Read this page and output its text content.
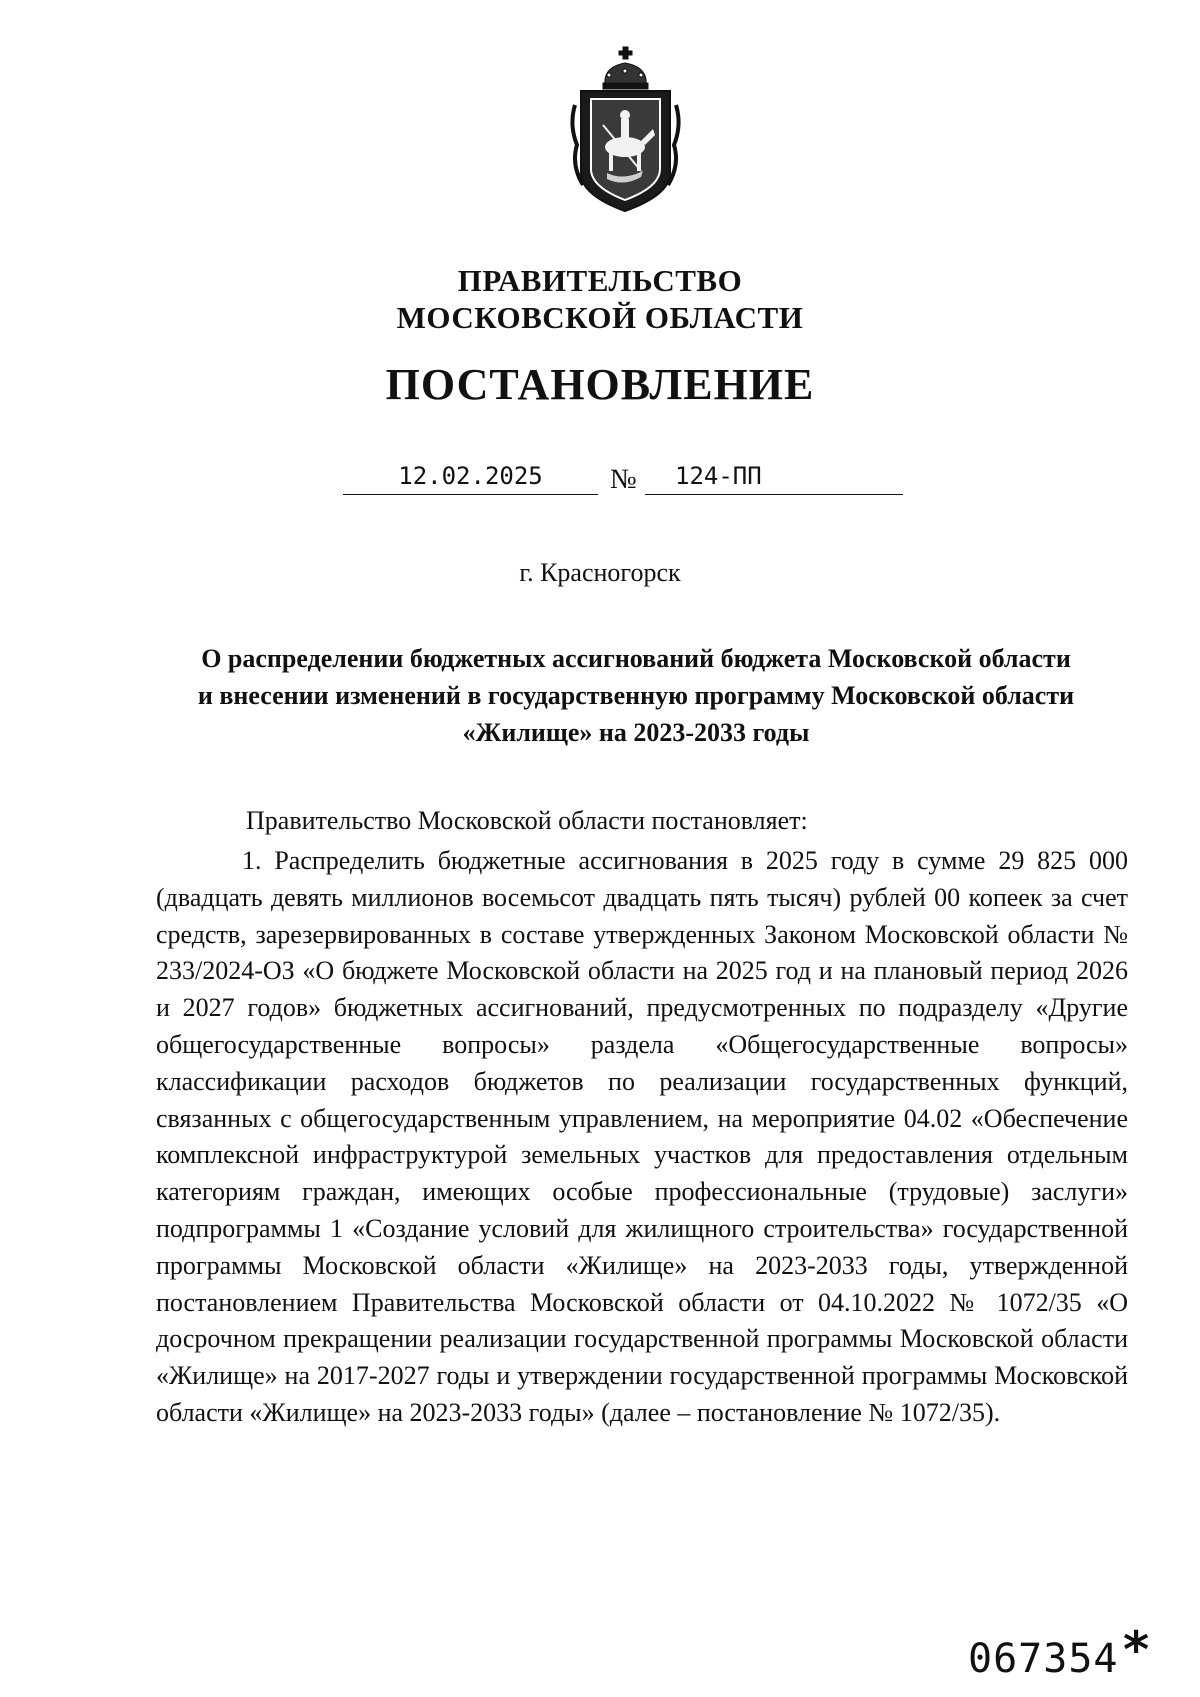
ПРАВИТЕЛЬСТВО
МОСКОВСКОЙ ОБЛАСТИ

ПОСТАНОВЛЕНИЕ
12.02.2025	№	124-ПП
г. Красногорск

О распределении бюджетных ассигнований бюджета Московской области
и внесении изменений в государственную программу Московской области
«Жилище» на 2023-2033 годы

Правительство Московской области постановляет:

1. Распределить бюджетные ассигнования в 2025 году в сумме 29 825 000 (двадцать девять миллионов восемьсот двадцать пять тысяч) рублей 00 копеек за счет средств, зарезервированных в составе утвержденных Законом Московской области № 233/2024-ОЗ «О бюджете Московской области на 2025 год и на плановый период 2026 и 2027 годов» бюджетных ассигнований, предусмотренных по подразделу «Другие общегосударственные вопросы» раздела «Общегосударственные вопросы» классификации расходов бюджетов по реализации государственных функций, связанных с общегосударственным управлением, на мероприятие 04.02 «Обеспечение комплексной инфраструктурой земельных участков для предоставления отдельным категориям граждан, имеющих особые профессиональные (трудовые) заслуги» подпрограммы 1 «Создание условий для жилищного строительства» государственной программы Московской области «Жилище» на 2023-2033 годы, утвержденной постановлением Правительства Московской области от 04.10.2022 № 1072/35 «О досрочном прекращении реализации государственной программы Московской области «Жилище» на 2017-2027 годы и утверждении государственной программы Московской области «Жилище» на 2023-2033 годы» (далее – постановление № 1072/35).

067354 *
